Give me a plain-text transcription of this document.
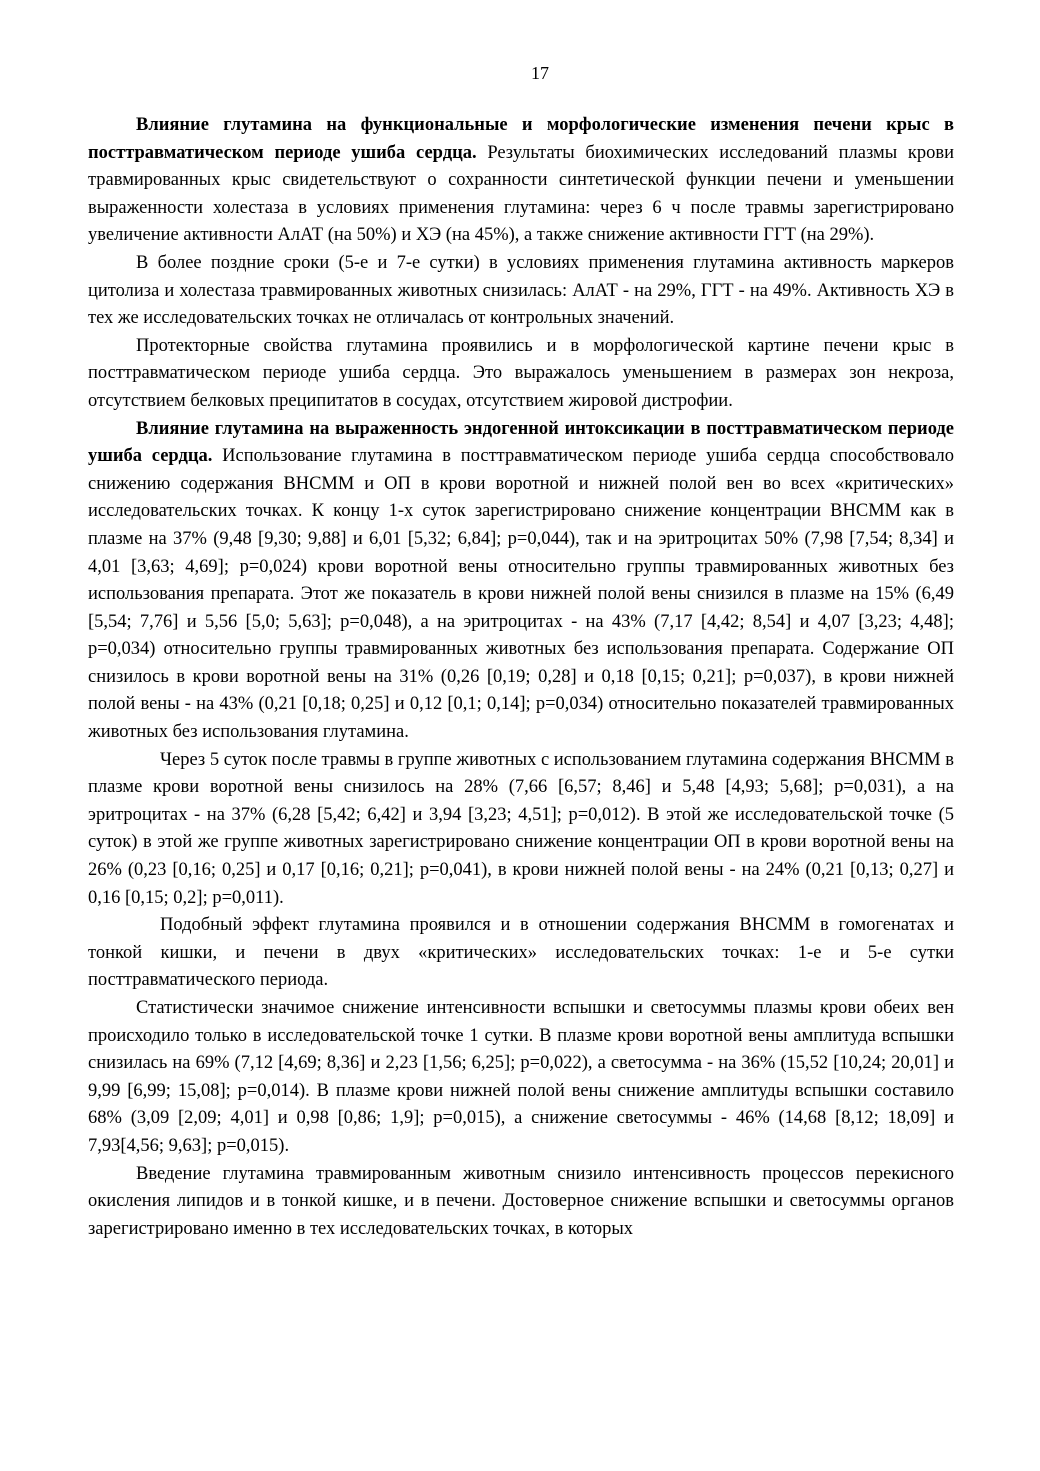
17

Влияние глутамина на функциональные и морфологические изменения печени крыс в посттравматическом периоде ушиба сердца. Результаты биохимических исследований плазмы крови травмированных крыс свидетельствуют о сохранности синтетической функции печени и уменьшении выраженности холестаза в условиях применения глутамина: через 6 ч после травмы зарегистрировано увеличение активности АлАТ (на 50%) и ХЭ (на 45%), а также снижение активности ГГТ (на 29%).

В более поздние сроки (5-е и 7-е сутки) в условиях применения глутамина активность маркеров цитолиза и холестаза травмированных животных снизилась: АлАТ - на 29%, ГГТ - на 49%. Активность ХЭ в тех же исследовательских точках не отличалась от контрольных значений.

Протекторные свойства глутамина проявились и в морфологической картине печени крыс в посттравматическом периоде ушиба сердца. Это выражалось уменьшением в размерах зон некроза, отсутствием белковых преципитатов в сосудах, отсутствием жировой дистрофии.

Влияние глутамина на выраженность эндогенной интоксикации в посттравматическом периоде ушиба сердца. Использование глутамина в посттравматическом периоде ушиба сердца способствовало снижению содержания ВНСММ и ОП в крови воротной и нижней полой вен во всех «критических» исследовательских точках. К концу 1-х суток зарегистрировано снижение концентрации ВНСММ как в плазме на 37% (9,48 [9,30; 9,88] и 6,01 [5,32; 6,84]; р=0,044), так и на эритроцитах 50% (7,98 [7,54; 8,34] и 4,01 [3,63; 4,69]; р=0,024) крови воротной вены относительно группы травмированных животных без использования препарата. Этот же показатель в крови нижней полой вены снизился в плазме на 15% (6,49 [5,54; 7,76] и 5,56 [5,0; 5,63]; р=0,048), а на эритроцитах - на 43% (7,17 [4,42; 8,54] и 4,07 [3,23; 4,48]; р=0,034) относительно группы травмированных животных без использования препарата. Содержание ОП снизилось в крови воротной вены на 31% (0,26 [0,19; 0,28] и 0,18 [0,15; 0,21]; р=0,037), в крови нижней полой вены - на 43% (0,21 [0,18; 0,25] и 0,12 [0,1; 0,14]; р=0,034) относительно показателей травмированных животных без использования глутамина.

Через 5 суток после травмы в группе животных с использованием глутамина содержания ВНСММ в плазме крови воротной вены снизилось на 28% (7,66 [6,57; 8,46] и 5,48 [4,93; 5,68]; р=0,031), а на эритроцитах - на 37% (6,28 [5,42; 6,42] и 3,94 [3,23; 4,51]; р=0,012). В этой же исследовательской точке (5 суток) в этой же группе животных зарегистрировано снижение концентрации ОП в крови воротной вены на 26% (0,23 [0,16; 0,25] и 0,17 [0,16; 0,21]; р=0,041), в крови нижней полой вены - на 24% (0,21 [0,13; 0,27] и 0,16 [0,15; 0,2]; р=0,011).

Подобный эффект глутамина проявился и в отношении содержания ВНСММ в гомогенатах и тонкой кишки, и печени в двух «критических» исследовательских точках: 1-е и 5-е сутки посттравматического периода.

Статистически значимое снижение интенсивности вспышки и светосуммы плазмы крови обеих вен происходило только в исследовательской точке 1 сутки. В плазме крови воротной вены амплитуда вспышки снизилась на 69% (7,12 [4,69; 8,36] и 2,23 [1,56; 6,25]; р=0,022), а светосумма - на 36% (15,52 [10,24; 20,01] и 9,99 [6,99; 15,08]; р=0,014). В плазме крови нижней полой вены снижение амплитуды вспышки составило 68% (3,09 [2,09; 4,01] и 0,98 [0,86; 1,9]; р=0,015), а снижение светосуммы - 46% (14,68 [8,12; 18,09] и 7,93[4,56; 9,63]; р=0,015).

Введение глутамина травмированным животным снизило интенсивность процессов перекисного окисления липидов и в тонкой кишке, и в печени. Достоверное снижение вспышки и светосуммы органов зарегистрировано именно в тех исследовательских точках, в которых
